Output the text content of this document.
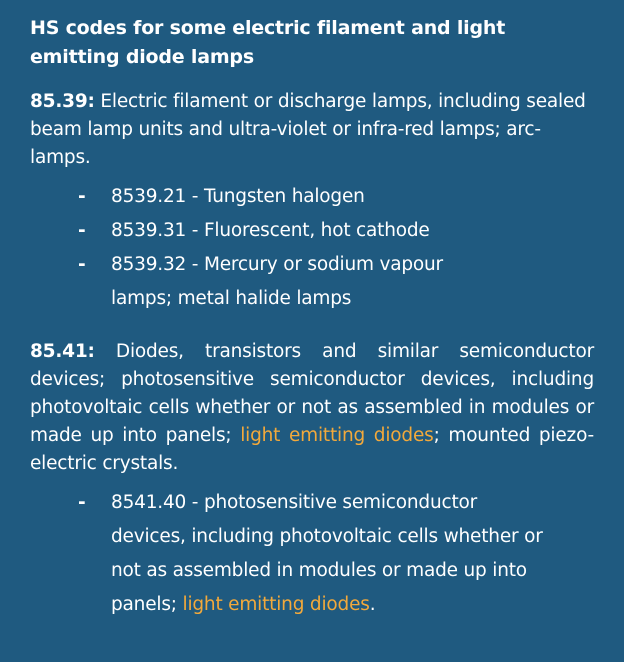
HS codes for some electric filament and light emitting diode lamps

85.39: Electric filament or discharge lamps, including sealed beam lamp units and ultra-violet or infra-red lamps; arc-lamps.

- 8539.21 - Tungsten halogen
- 8539.31 - Fluorescent, hot cathode
- 8539.32 - Mercury or sodium vapour lamps; metal halide lamps

85.41: Diodes, transistors and similar semiconductor devices; photosensitive semiconductor devices, including photovoltaic cells whether or not as assembled in modules or made up into panels; light emitting diodes; mounted piezo-electric crystals.

- 8541.40 - photosensitive semiconductor devices, including photovoltaic cells whether or not as assembled in modules or made up into panels; light emitting diodes.
